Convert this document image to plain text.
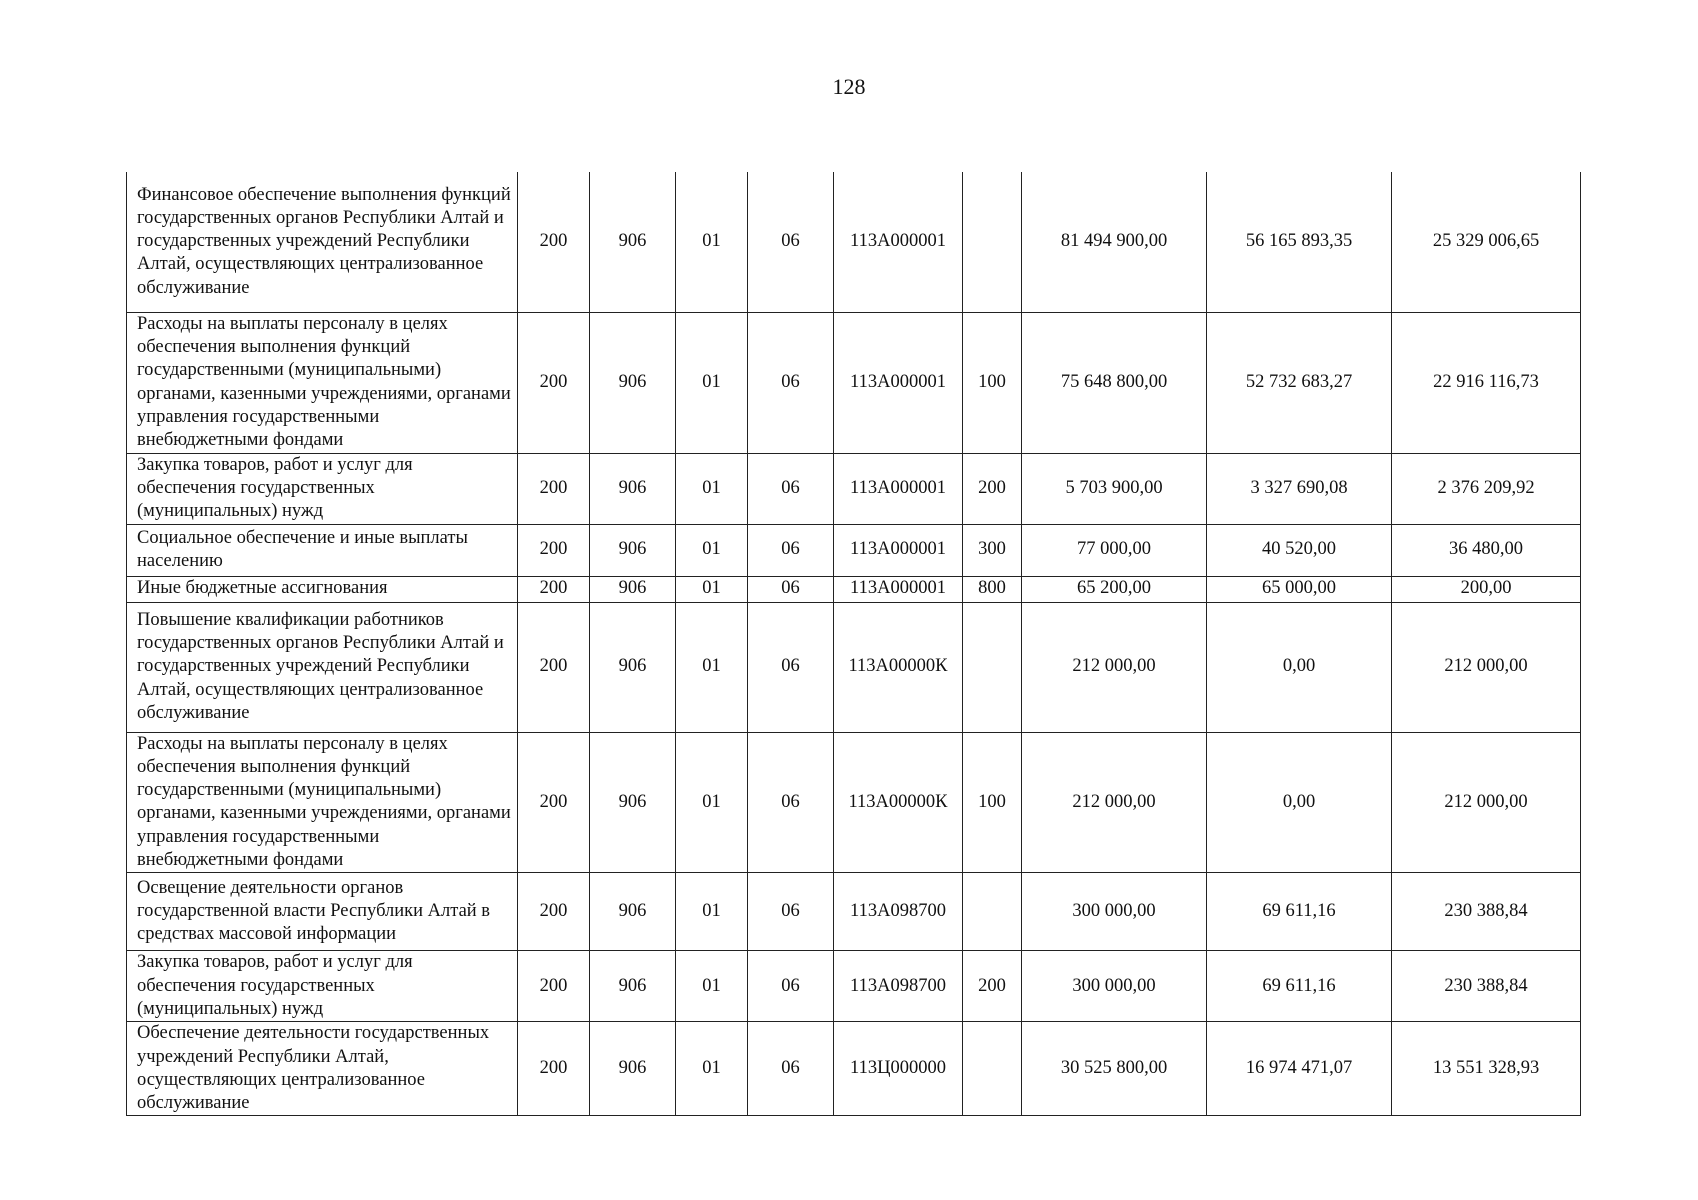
128
Финансовое обеспечение выполнения функций государственных органов Республики Алтай и государственных учреждений Республики Алтай, осуществляющих централизованное обслуживание	200	906	01	06	113A000001		81 494 900,00	56 165 893,35	25 329 006,65
Расходы на выплаты персоналу в целях обеспечения выполнения функций государственными (муниципальными) органами, казенными учреждениями, органами управления государственными внебюджетными фондами	200	906	01	06	113A000001	100	75 648 800,00	52 732 683,27	22 916 116,73
Закупка товаров, работ и услуг для обеспечения государственных (муниципальных) нужд	200	906	01	06	113A000001	200	5 703 900,00	3 327 690,08	2 376 209,92
Социальное обеспечение и иные выплаты населению	200	906	01	06	113A000001	300	77 000,00	40 520,00	36 480,00
Иные бюджетные ассигнования	200	906	01	06	113A000001	800	65 200,00	65 000,00	200,00
Повышение квалификации работников государственных органов Республики Алтай и государственных учреждений Республики Алтай, осуществляющих централизованное обслуживание	200	906	01	06	113A00000К		212 000,00	0,00	212 000,00
Расходы на выплаты персоналу в целях обеспечения выполнения функций государственными (муниципальными) органами, казенными учреждениями, органами управления государственными внебюджетными фондами	200	906	01	06	113A00000К	100	212 000,00	0,00	212 000,00
Освещение деятельности органов государственной власти Республики Алтай в средствах массовой информации	200	906	01	06	113A098700		300 000,00	69 611,16	230 388,84
Закупка товаров, работ и услуг для обеспечения государственных (муниципальных) нужд	200	906	01	06	113A098700	200	300 000,00	69 611,16	230 388,84
Обеспечение деятельности государственных учреждений Республики Алтай, осуществляющих централизованное обслуживание	200	906	01	06	113Ц000000		30 525 800,00	16 974 471,07	13 551 328,93
